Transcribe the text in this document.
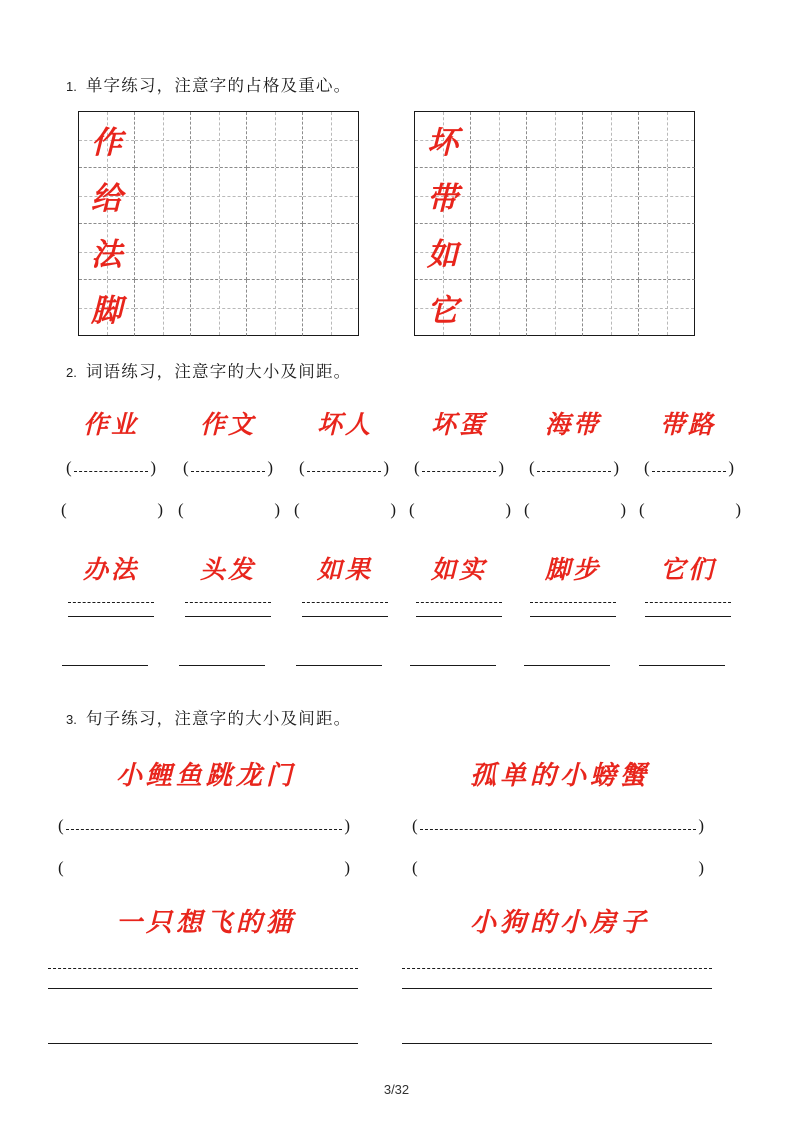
1. 单字练习，注意字的占格及重心。
作
给
法
脚
坏
带
如
它
2. 词语练习，注意字的大小及间距。
作业	作文	坏人	坏蛋	海带	带路
(	) (	) (	) (	) (	) (	)
(	) (	) (	) (	) (	) (	)
办法	头发	如果	如实	脚步	它们
3. 句子练习，注意字的大小及间距。
小鲤鱼跳龙门
(	)
(	)
孤单的小螃蟹
(	)
(	)
一只想飞的猫	小狗的小房子
3/32
